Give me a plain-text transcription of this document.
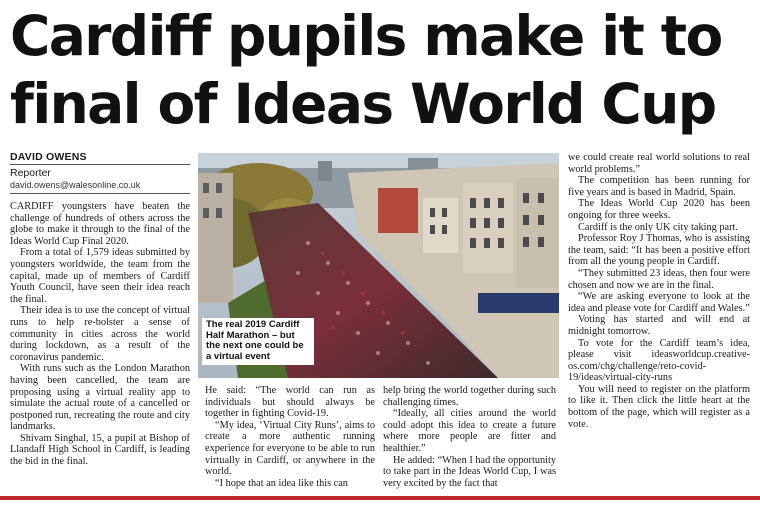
Cardiff pupils make it to
final of Ideas World Cup
DAVID OWENS
Reporter
david.owens@walesonline.co.uk

CARDIFF youngsters have beaten the challenge of hundreds of others across the globe to make it through to the final of the Ideas World Cup Final 2020.

From a total of 1,579 ideas submitted by youngsters worldwide, the team from the capital, made up of members of Cardiff Youth Council, have seen their idea reach the final.

Their idea is to use the concept of virtual runs to help re-bolster a sense of community in cities across the world during lockdown, as a result of the coronavirus pandemic.

With runs such as the London Marathon having been cancelled, the team are proposing using a virtual reality app to simulate the actual route of a cancelled or postponed run, recreating the route and city landmarks.

Shivam Singhal, 15, a pupil at Bishop of Llandaff High School in Cardiff, is leading the bid in the final.

The real 2019 Cardiff Half Marathon – but the next one could be a virtual event

He said: “The world can run as individuals but should always be together in fighting Covid-19.

“My idea, ‘Virtual City Runs’, aims to create a more authentic running experience for everyone to be able to run virtually in Cardiff, or anywhere in the world.

“I hope that an idea like this can

help bring the world together during such challenging times.

“Ideally, all cities around the world could adopt this idea to create a future where more people are fitter and healthier.”

He added: “When I had the opportunity to take part in the Ideas World Cup, I was very excited by the fact that

we could create real world solutions to real world problems.”

The competition has been running for five years and is based in Madrid, Spain.

The Ideas World Cup 2020 has been ongoing for three weeks.

Cardiff is the only UK city taking part.

Professor Roy J Thomas, who is assisting the team, said: “It has been a positive effort from all the young people in Cardiff.

“They submitted 23 ideas, then four were chosen and now we are in the final.

“We are asking everyone to look at the idea and please vote for Cardiff and Wales.”

Voting has started and will end at midnight tomorrow.

To vote for the Cardiff team’s idea, please visit ideasworldcup.creative-os.com/chg/challenge/reto-covid-19/ideas/virtual-city-runs

You will need to register on the platform to like it. Then click the little heart at the bottom of the page, which will register as a vote.
